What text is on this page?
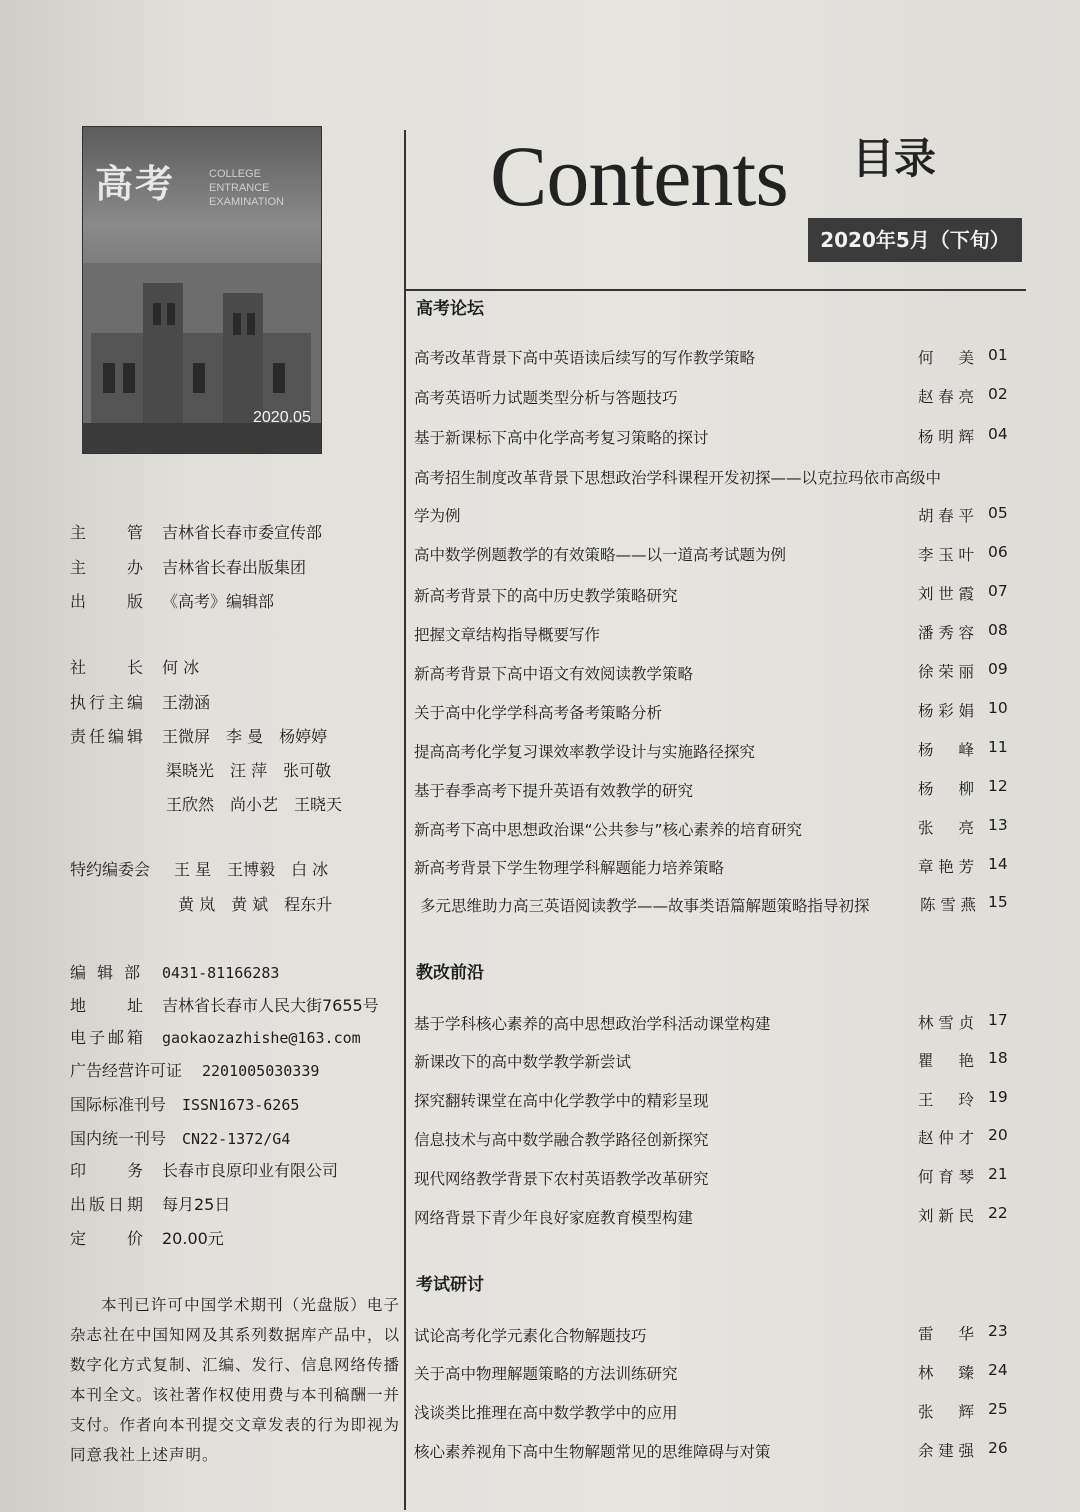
高考	COLLEGE ENTRANCE EXAMINATION
2020.05
主　　管 吉林省长春市委宣传部
主　　办 吉林省长春出版集团
出　　版 《高考》编辑部
社　　长 何 冰
执行主编 王渤涵
责任编辑 王微屏　李 曼　杨婷婷
渠晓光　汪 萍　张可敬
王欣然　尚小艺　王晓天
特约编委会 王 星　王博毅　白 冰
黄 岚　黄 斌　程东升
编 辑 部 0431-81166283
地　　址 吉林省长春市人民大街7655号
电子邮箱 gaokaozazhishe@163.com
广告经营许可证 2201005030339
国际标准刊号 ISSN1673-6265
国内统一刊号 CN22-1372/G4
印　　务 长春市良原印业有限公司
出版日期 每月25日
定　　价 20.00元
本刊已许可中国学术期刊（光盘版）电子杂志社在中国知网及其系列数据库产品中，以数字化方式复制、汇编、发行、信息网络传播本刊全文。该社著作权使用费与本刊稿酬一并支付。作者向本刊提交文章发表的行为即视为同意我社上述声明。
Contents 目录
2020年5月（下旬）
高考论坛
高考改革背景下高中英语读后续写的写作教学策略	何 美 01
高考英语听力试题类型分析与答题技巧	赵春亮 02
基于新课标下高中化学高考复习策略的探讨	杨明辉 04
高考招生制度改革背景下思想政治学科课程开发初探——以克拉玛依市高级中
学为例	胡春平 05
高中数学例题教学的有效策略——以一道高考试题为例	李玉叶 06
新高考背景下的高中历史教学策略研究	刘世霞 07
把握文章结构指导概要写作	潘秀容 08
新高考背景下高中语文有效阅读教学策略	徐荣丽 09
关于高中化学学科高考备考策略分析	杨彩娟 10
提高高考化学复习课效率教学设计与实施路径探究	杨 峰 11
基于春季高考下提升英语有效教学的研究	杨 柳 12
新高考下高中思想政治课“公共参与”核心素养的培育研究	张 亮 13
新高考背景下学生物理学科解题能力培养策略	章艳芳 14
多元思维助力高三英语阅读教学——故事类语篇解题策略指导初探	陈雪燕 15
教改前沿
基于学科核心素养的高中思想政治学科活动课堂构建	林雪贞 17
新课改下的高中数学教学新尝试	瞿 艳 18
探究翻转课堂在高中化学教学中的精彩呈现	王 玲 19
信息技术与高中数学融合教学路径创新探究	赵仲才 20
现代网络教学背景下农村英语教学改革研究	何育琴 21
网络背景下青少年良好家庭教育模型构建	刘新民 22
考试研讨
试论高考化学元素化合物解题技巧	雷 华 23
关于高中物理解题策略的方法训练研究	林 臻 24
浅谈类比推理在高中数学教学中的应用	张 辉 25
核心素养视角下高中生物解题常见的思维障碍与对策	余建强 26
